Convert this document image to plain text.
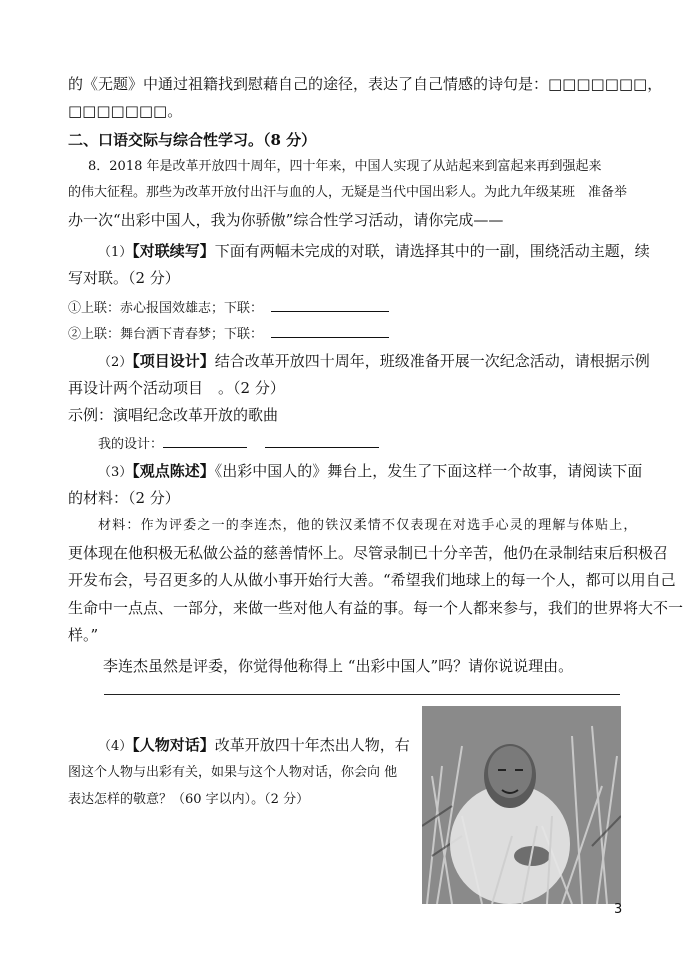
的《无题》中通过祖籍找到慰藉自己的途径，表达了自己情感的诗句是：□□□□□□□，
□□□□□□□。
二、口语交际与综合性学习。（8 分）
8．2018 年是改革开放四十周年，四十年来，中国人实现了从站起来到富起来再到强起来
的伟大征程。那些为改革开放付出汗与血的人，无疑是当代中国出彩人。为此九年级某班　准备举
办一次“出彩中国人，我为你骄傲”综合性学习活动，请你完成——
（1）【对联续写】下面有两幅未完成的对联，请选择其中的一副，围绕活动主题，续
写对联。（2 分）
①上联：赤心报国效雄志；下联：
②上联：舞台洒下青春梦；下联：
（2）【项目设计】结合改革开放四十周年，班级准备开展一次纪念活动，请根据示例
再设计两个活动项目　。（2 分）
示例：演唱纪念改革开放的歌曲
我的设计：
（3）【观点陈述】《出彩中国人的》舞台上，发生了下面这样一个故事，请阅读下面
的材料：（2 分）
材料：作为评委之一的李连杰，他的铁汉柔情不仅表现在对选手心灵的理解与体贴上，
更体现在他积极无私做公益的慈善情怀上。尽管录制已十分辛苦，他仍在录制结束后积极召
开发布会，号召更多的人从做小事开始行大善。“希望我们地球上的每一个人，都可以用自己
生命中一点点、一部分，来做一些对他人有益的事。每一个人都来参与，我们的世界将大不一
样。”
李连杰虽然是评委，你觉得他称得上 “出彩中国人”吗？请你说说理由。
（4）【人物对话】改革开放四十年杰出人物，右
图这个人物与出彩有关，如果与这个人物对话，你会向 他
表达怎样的敬意？（60 字以内）。（2 分）
3
